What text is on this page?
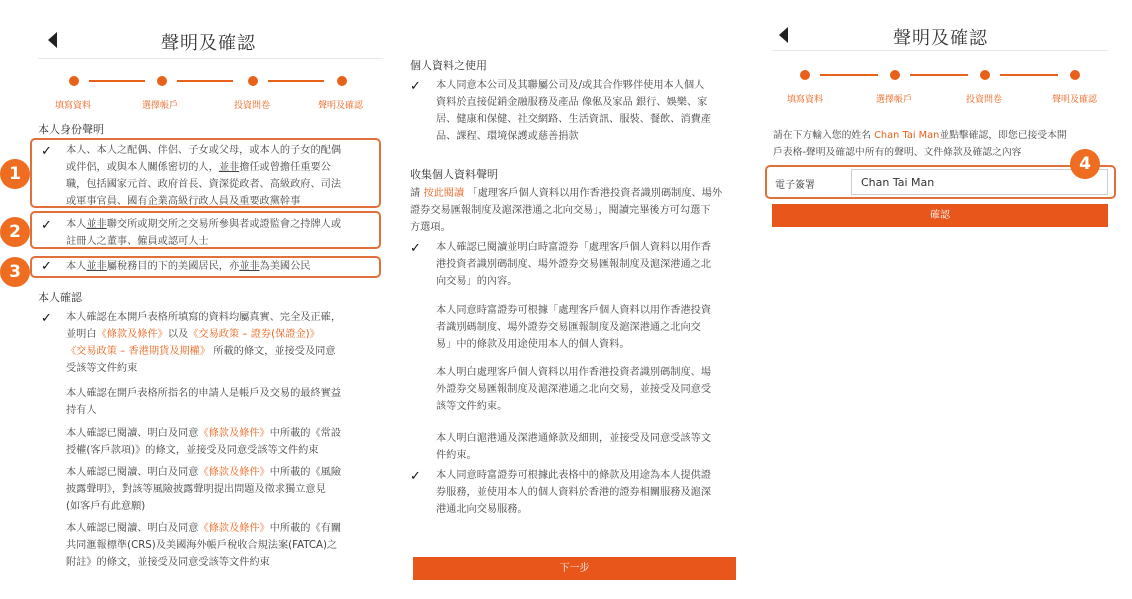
聲明及確認
填寫資料	選擇帳戶	投資問卷	聲明及確認
本人身份聲明
✓ 本人、本人之配偶、伴侶、子女或父母，或本人的子女的配偶
或伴侶，或與本人關係密切的人，並非擔任或曾擔任重要公
職，包括國家元首、政府首長、資深從政者、高級政府、司法
或軍事官員、國有企業高級行政人員及重要政黨幹事
✓ 本人並非聯交所或期交所之交易所參與者或證監會之持牌人或
註冊人之董事、僱員或認可人士
✓ 本人並非屬稅務目的下的美國居民，亦並非為美國公民
1
2
3
本人確認
✓ 本人確認在本開戶表格所填寫的資料均屬真實、完全及正確，
並明白《條款及條件》以及《交易政策 – 證券(保證金)》
《交易政策 – 香港期貨及期權》 所載的條文，並接受及同意
受該等文件約束
本人確認在開戶表格所指名的申請人是帳戶及交易的最終實益
持有人
本人確認已閱讀、明白及同意《條款及條件》中所載的《常設
授權(客戶款項)》的條文，並接受及同意受該等文件約束
本人確認已閱讀、明白及同意《條款及條件》中所載的《風險
披露聲明》，對該等風險披露聲明提出問題及徵求獨立意見
(如客戶有此意願)
本人確認已閱讀、明白及同意《條款及條件》中所載的《有關
共同滙報標準(CRS)及美國海外帳戶稅收合規法案(FATCA)之
附註》的條文，並接受及同意受該等文件約束
個人資料之使用
✓ 本人同意本公司及其聯屬公司及/或其合作夥伴使用本人個人
資料於直接促銷金融服務及產品 像俬及家品 銀行、娛樂、家
居、健康和保健、社交網路、生活資訊、服裝、餐飲、消費產
品、課程、環境保護或慈善捐款
收集個人資料聲明
請 按此閱讀 「處理客戶個人資料以用作香港投資者識別碼制度、場外
證券交易匯報制度及滬深港通之北向交易」，閱讀完畢後方可勾選下
方選項。
✓ 本人確認已閱讀並明白時富證券「處理客戶個人資料以用作香
港投資者識別碼制度、場外證券交易匯報制度及滬深港通之北
向交易」的內容。
本人同意時富證券可根據「處理客戶個人資料以用作香港投資
者識別碼制度、場外證券交易匯報制度及滬深港通之北向交
易」中的條款及用途使用本人的個人資料。
本人明白處理客戶個人資料以用作香港投資者識別碼制度、場
外證券交易匯報制度及滬深港通之北向交易，並接受及同意受
該等文件約束。
本人明白滬港通及深港通條款及細則，並接受及同意受該等文
件約束。
✓ 本人同意時富證券可根據此表格中的條款及用途為本人提供證
券服務，並使用本人的個人資料於香港的證券相關服務及滬深
港通北向交易服務。
下一步
聲明及確認
填寫資料	選擇帳戶	投資問卷	聲明及確認
請在下方輸入您的姓名 Chan Tai Man並點擊確認，即您已接受本開
戶表格-聲明及確認中所有的聲明、文件條款及確認之內容
電子簽署	Chan Tai Man
4
確認
